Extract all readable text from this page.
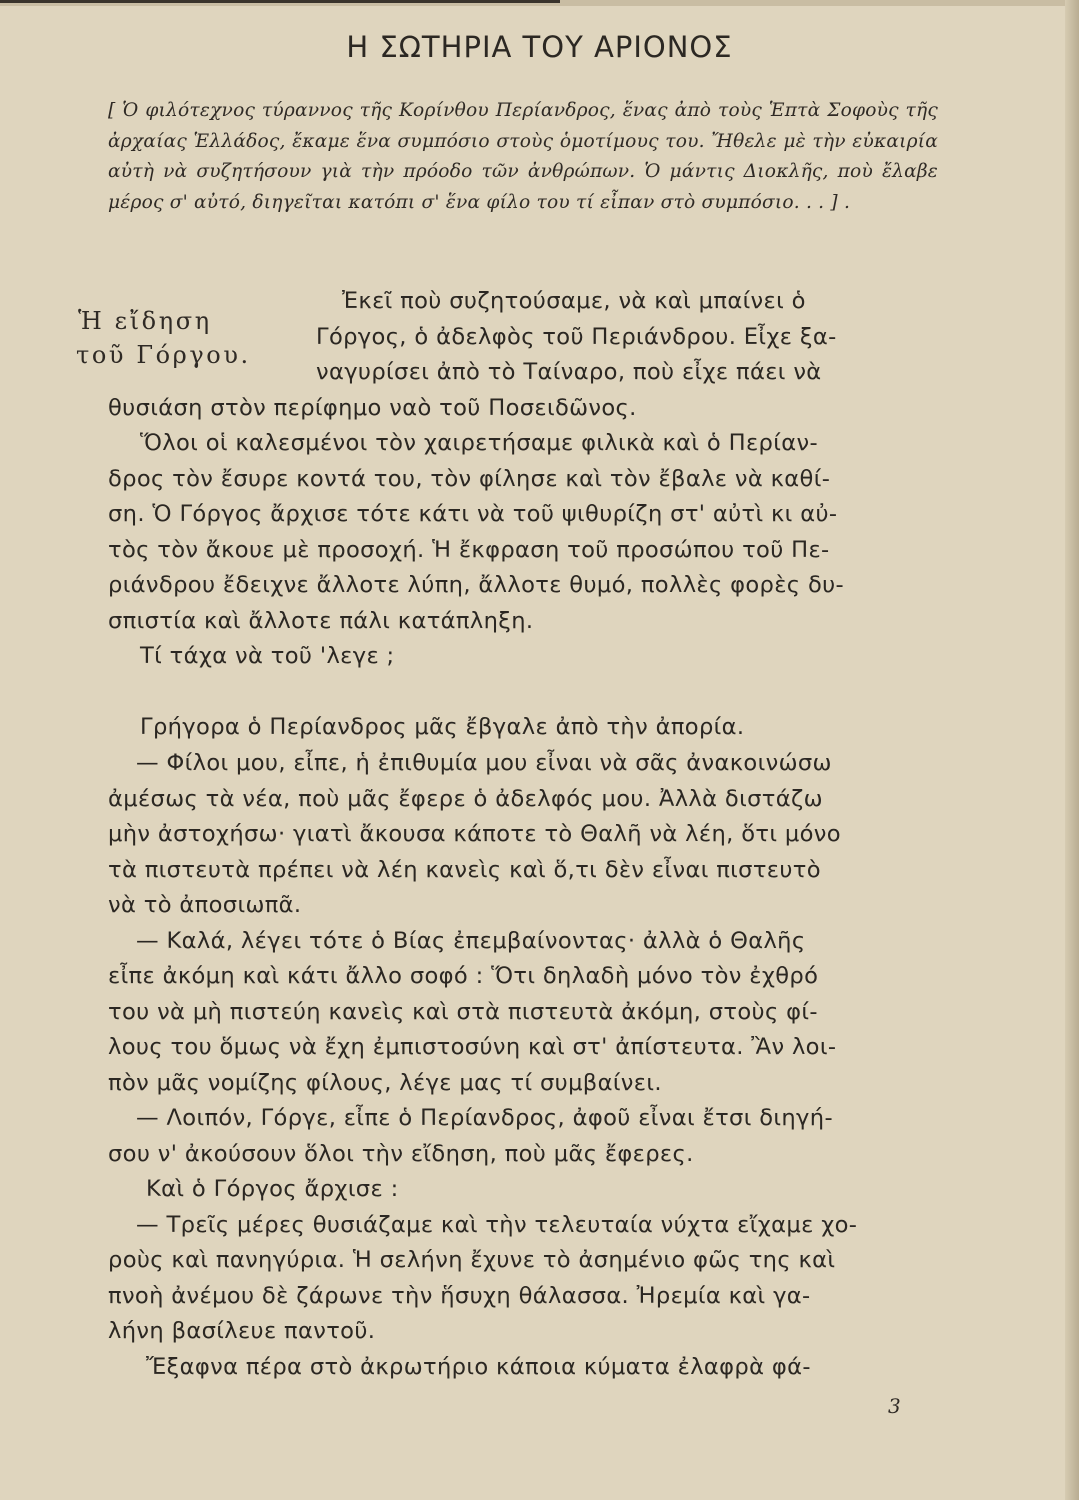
Η ΣΩΤΗΡΙΑ ΤΟΥ ΑΡΙΟΝΟΣ
[ Ὁ φιλότεχνος τύραννος τῆς Κορίνθου Περίανδρος, ἕνας ἀπὸ τοὺς Ἑπτὰ Σοφοὺς τῆς ἀρχαίας Ἑλλάδος, ἔκαμε ἕνα συμπόσιο στοὺς ὁμοτίμους του. Ἤθελε μὲ τὴν εὐκαιρία αὐτὴ νὰ συζητήσουν γιὰ τὴν πρόοδο τῶν ἀνθρώπων. Ὁ μάντις Διοκλῆς, ποὺ ἔλαβε μέρος σ' αὐτό, διηγεῖται κατόπι σ' ἕνα φίλο του τί εἶπαν στὸ συμπόσιο. . . ] .
Ἡ εἴδηση
τοῦ Γόργου.
Ἐκεῖ ποὺ συζητούσαμε, νὰ καὶ μπαίνει ὁ
Γόργος, ὁ ἀδελφὸς τοῦ Περιάνδρου. Εἶχε ξα-
ναγυρίσει ἀπὸ τὸ Ταίναρο, ποὺ εἶχε πάει νὰ
θυσιάση στὸν περίφημο ναὸ τοῦ Ποσειδῶνος.
Ὅλοι οἱ καλεσμένοι τὸν χαιρετήσαμε φιλικὰ καὶ ὁ Περίαν-
δρος τὸν ἔσυρε κοντά του, τὸν φίλησε καὶ τὸν ἔβαλε νὰ καθί-
ση. Ὁ Γόργος ἄρχισε τότε κάτι νὰ τοῦ ψιθυρίζη στ' αὐτὶ κι αὐ-
τὸς τὸν ἄκουε μὲ προσοχή. Ἡ ἔκφραση τοῦ προσώπου τοῦ Πε-
ριάνδρου ἔδειχνε ἄλλοτε λύπη, ἄλλοτε θυμό, πολλὲς φορὲς δυ-
σπιστία καὶ ἄλλοτε πάλι κατάπληξη.
Τί τάχα νὰ τοῦ 'λεγε ;
Γρήγορα ὁ Περίανδρος μᾶς ἔβγαλε ἀπὸ τὴν ἀπορία.
— Φίλοι μου, εἶπε, ἡ ἐπιθυμία μου εἶναι νὰ σᾶς ἀνακοινώσω
ἀμέσως τὰ νέα, ποὺ μᾶς ἔφερε ὁ ἀδελφός μου. Ἀλλὰ διστάζω
μὴν ἀστοχήσω· γιατὶ ἄκουσα κάποτε τὸ Θαλῆ νὰ λέη, ὅτι μόνο
τὰ πιστευτὰ πρέπει νὰ λέη κανεὶς καὶ ὅ,τι δὲν εἶναι πιστευτὸ
νὰ τὸ ἀποσιωπᾶ.
— Καλά, λέγει τότε ὁ Βίας ἐπεμβαίνοντας· ἀλλὰ ὁ Θαλῆς
εἶπε ἀκόμη καὶ κάτι ἄλλο σοφό : Ὅτι δηλαδὴ μόνο τὸν ἐχθρό
του νὰ μὴ πιστεύη κανεὶς καὶ στὰ πιστευτὰ ἀκόμη, στοὺς φί-
λους του ὅμως νὰ ἔχη ἐμπιστοσύνη καὶ στ' ἀπίστευτα. Ἂν λοι-
πὸν μᾶς νομίζης φίλους, λέγε μας τί συμβαίνει.
— Λοιπόν, Γόργε, εἶπε ὁ Περίανδρος, ἀφοῦ εἶναι ἔτσι διηγή-
σου ν' ἀκούσουν ὅλοι τὴν εἴδηση, ποὺ μᾶς ἔφερες.
Καὶ ὁ Γόργος ἄρχισε :
— Τρεῖς μέρες θυσιάζαμε καὶ τὴν τελευταία νύχτα εἴχαμε χο-
ροὺς καὶ πανηγύρια. Ἡ σελήνη ἔχυνε τὸ ἀσημένιο φῶς της καὶ
πνοὴ ἀνέμου δὲ ζάρωνε τὴν ἥσυχη θάλασσα. Ἠρεμία καὶ γα-
λήνη βασίλευε παντοῦ.
Ἔξαφνα πέρα στὸ ἀκρωτήριο κάποια κύματα ἐλαφρὰ φά-
3
